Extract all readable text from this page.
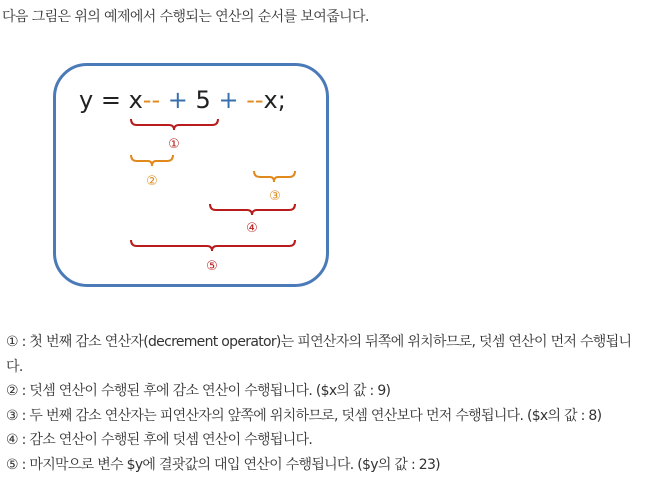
다음 그림은 위의 예제에서 수행되는 연산의 순서를 보여줍니다.
y = x-- + 5 + --x;
①
②
③
④
⑤
① : 첫 번째 감소 연산자(decrement operator)는 피연산자의 뒤쪽에 위치하므로, 덧셈 연산이 먼저 수행됩니다.
② : 덧셈 연산이 수행된 후에 감소 연산이 수행됩니다. ($x의 값 : 9)
③ : 두 번째 감소 연산자는 피연산자의 앞쪽에 위치하므로, 덧셈 연산보다 먼저 수행됩니다. ($x의 값 : 8)
④ : 감소 연산이 수행된 후에 덧셈 연산이 수행됩니다.
⑤ : 마지막으로 변수 $y에 결괏값의 대입 연산이 수행됩니다. ($y의 값 : 23)
